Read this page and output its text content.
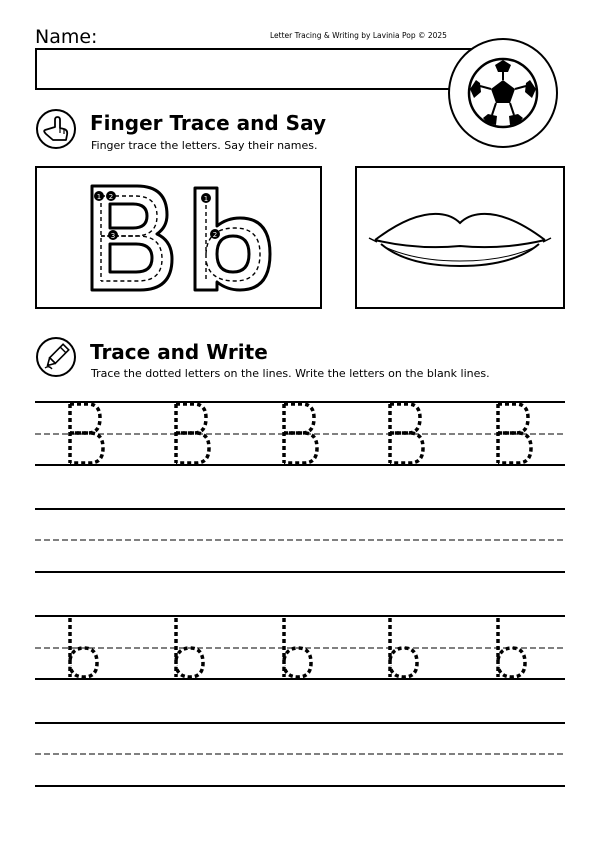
Name:	Letter Tracing & Writing by Lavinia Pop © 2025
Finger Trace and Say
Finger trace the letters. Say their names.
1 2
3
1
2
Trace and Write
Trace the dotted letters on the lines. Write the letters on the blank lines.
